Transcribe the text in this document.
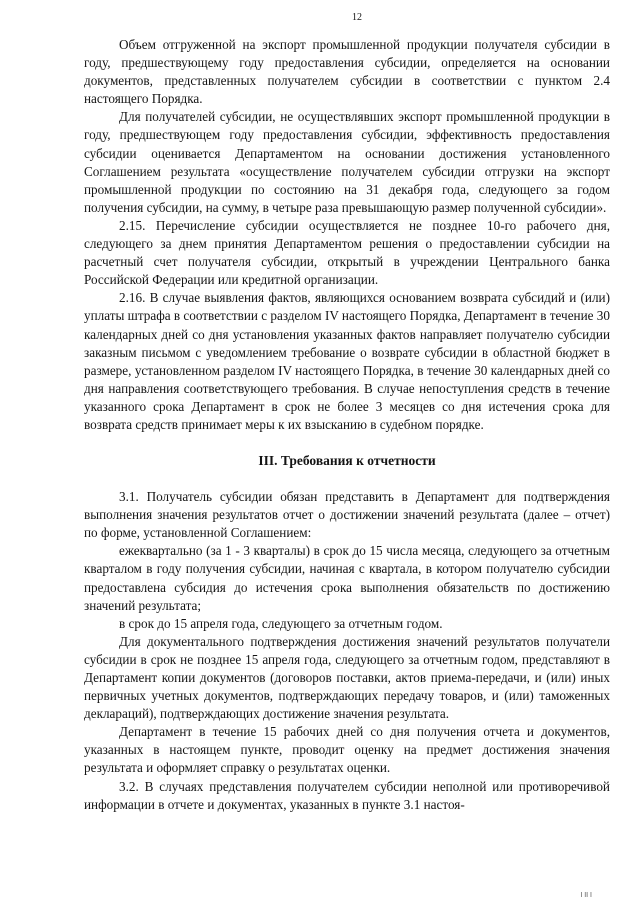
12

Объем отгруженной на экспорт промышленной продукции получателя субсидии в году, предшествующему году предоставления субсидии, определяется на основании документов, представленных получателем субсидии в соответствии с пунктом 2.4 настоящего Порядка.

Для получателей субсидии, не осуществлявших экспорт промышленной продукции в году, предшествующем году предоставления субсидии, эффективность предоставления субсидии оценивается Департаментом на основании достижения установленного Соглашением результата «осуществление получателем субсидии отгрузки на экспорт промышленной продукции по состоянию на 31 декабря года, следующего за годом получения субсидии, на сумму, в четыре раза превышающую размер полученной субсидии».

2.15. Перечисление субсидии осуществляется не позднее 10-го рабочего дня, следующего за днем принятия Департаментом решения о предоставлении субсидии на расчетный счет получателя субсидии, открытый в учреждении Центрального банка Российской Федерации или кредитной организации.

2.16. В случае выявления фактов, являющихся основанием возврата субсидий и (или) уплаты штрафа в соответствии с разделом IV настоящего Порядка, Департамент в течение 30 календарных дней со дня установления указанных фактов направляет получателю субсидии заказным письмом с уведомлением требование о возврате субсидии в областной бюджет в размере, установленном разделом IV настоящего Порядка, в течение 30 календарных дней со дня направления соответствующего требования. В случае непоступления средств в течение указанного срока Департамент в срок не более 3 месяцев со дня истечения срока для возврата средств принимает меры к их взысканию в судебном порядке.

III. Требования к отчетности

3.1. Получатель субсидии обязан представить в Департамент для подтверждения выполнения значения результатов отчет о достижении значений результата (далее – отчет) по форме, установленной Соглашением:

ежеквартально (за 1 - 3 кварталы) в срок до 15 числа месяца, следующего за отчетным кварталом в году получения субсидии, начиная с квартала, в котором получателю субсидии предоставлена субсидия до истечения срока выполнения обязательств по достижению значений результата;

в срок до 15 апреля года, следующего за отчетным годом.

Для документального подтверждения достижения значений результатов получатели субсидии в срок не позднее 15 апреля года, следующего за отчетным годом, представляют в Департамент копии документов (договоров поставки, актов приема-передачи, и (или) иных первичных учетных документов, подтверждающих передачу товаров, и (или) таможенных деклараций), подтверждающих достижение значения результата.

Департамент в течение 15 рабочих дней со дня получения отчета и документов, указанных в настоящем пункте, проводит оценку на предмет достижения значения результата и оформляет справку о результатах оценки.

3.2. В случаях представления получателем субсидии неполной или противоречивой информации в отчете и документах, указанных в пункте 3.1 настоя-

I II I
